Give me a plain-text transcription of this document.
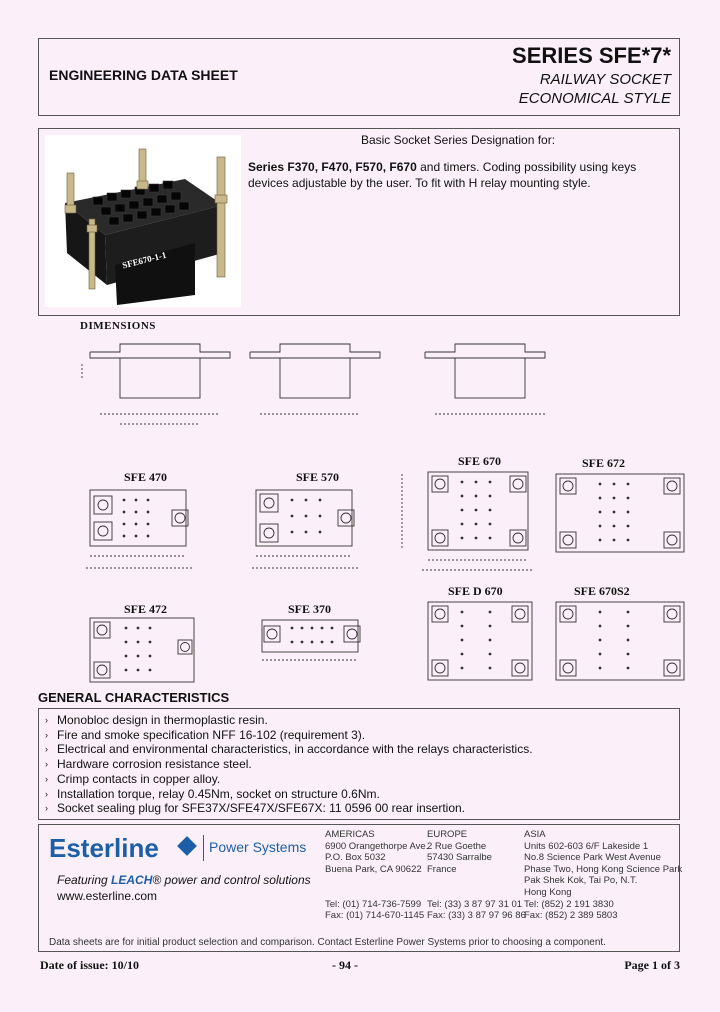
ENGINEERING DATA SHEET
SERIES SFE*7*
RAILWAY SOCKET
ECONOMICAL STYLE
SFE670-1-1
Basic Socket Series Designation for:
Series F370, F470, F570, F670 and timers. Coding possibility using keys devices adjustable by the user. To fit with H relay mounting style.
DIMENSIONS
SFE 470	SFE 570
SFE 670	SFE 672
SFE 472	SFE 370
SFE D 670	SFE 670S2
GENERAL CHARACTERISTICS
› Monobloc design in thermoplastic resin.
› Fire and smoke specification NFF 16-102 (requirement 3).
› Electrical and environmental characteristics, in accordance with the relays characteristics.
› Hardware corrosion resistance steel.
› Crimp contacts in copper alloy.
› Installation torque, relay 0.45Nm, socket on structure 0.6Nm.
› Socket sealing plug for SFE37X/SFE47X/SFE67X: 11 0596 00 rear insertion.
Esterline	Power Systems
Featuring LEACH® power and control solutions
www.esterline.com
AMERICAS
6900 Orangethorpe Ave.
P.O. Box 5032
Buena Park, CA 90622

Tel: (01) 714-736-7599
Fax: (01) 714-670-1145
EUROPE
2 Rue Goethe
57430 Sarralbe
France

Tel: (33) 3 87 97 31 01
Fax: (33) 3 87 97 96 86
ASIA
Units 602-603 6/F Lakeside 1
No.8 Science Park West Avenue
Phase Two, Hong Kong Science Park
Pak Shek Kok, Tai Po, N.T.
Hong Kong
Tel: (852) 2 191 3830
Fax: (852) 2 389 5803
Data sheets are for initial product selection and comparison. Contact Esterline Power Systems prior to choosing a component.
Date of issue: 10/10	- 94 -	Page 1 of 3
